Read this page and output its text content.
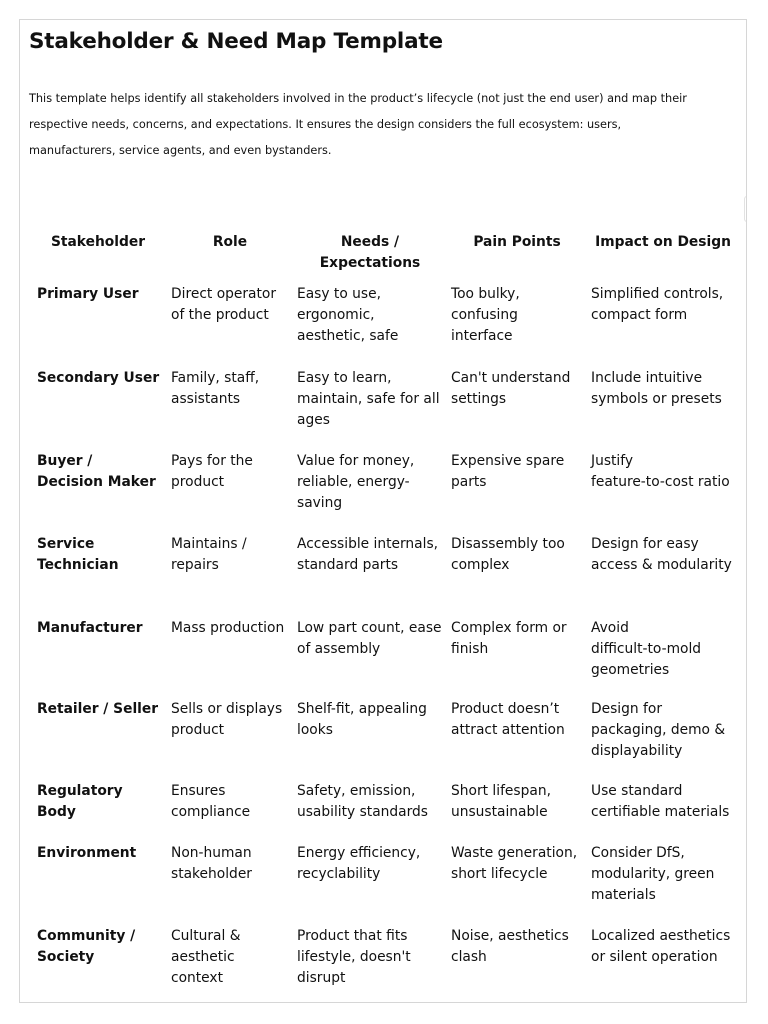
Stakeholder & Need Map Template
This template helps identify all stakeholders involved in the product’s lifecycle (not just the end user) and map their
respective needs, concerns, and expectations. It ensures the design considers the full ecosystem: users,
manufacturers, service agents, and even bystanders.
Stakeholder	Role	Needs / Expectations	Pain Points	Impact on Design
Primary User	Direct operator of the product	Easy to use, ergonomic, aesthetic, safe	Too bulky, confusing interface	Simplified controls,
compact form

Secondary User	Family, staff, assistants	Easy to learn, maintain, safe for all ages	Can't understand settings	Include intuitive
symbols or presets

Buyer / Decision Maker	Pays for the product	Value for money, reliable, energy-saving	Expensive spare parts	Justify
feature-to-cost ratio

Service Technician	Maintains / repairs	Accessible internals, standard parts	Disassembly too complex	Design for easy
access & modularity

Manufacturer	Mass production	Low part count, ease of assembly	Complex form or finish	Avoid
difficult-to-mold
geometries

Retailer / Seller	Sells or displays product	Shelf-fit, appealing looks	Product doesn’t attract attention	Design for
packaging, demo &
displayability

Regulatory Body	Ensures compliance	Safety, emission, usability standards	Short lifespan, unsustainable	Use standard
certifiable materials

Environment	Non-human stakeholder	Energy efficiency, recyclability	Waste generation, short lifecycle	Consider DfS,
modularity, green
materials

Community / Society	Cultural & aesthetic context	Product that fits lifestyle, doesn't disrupt	Noise, aesthetics clash	Localized aesthetics
or silent operation
